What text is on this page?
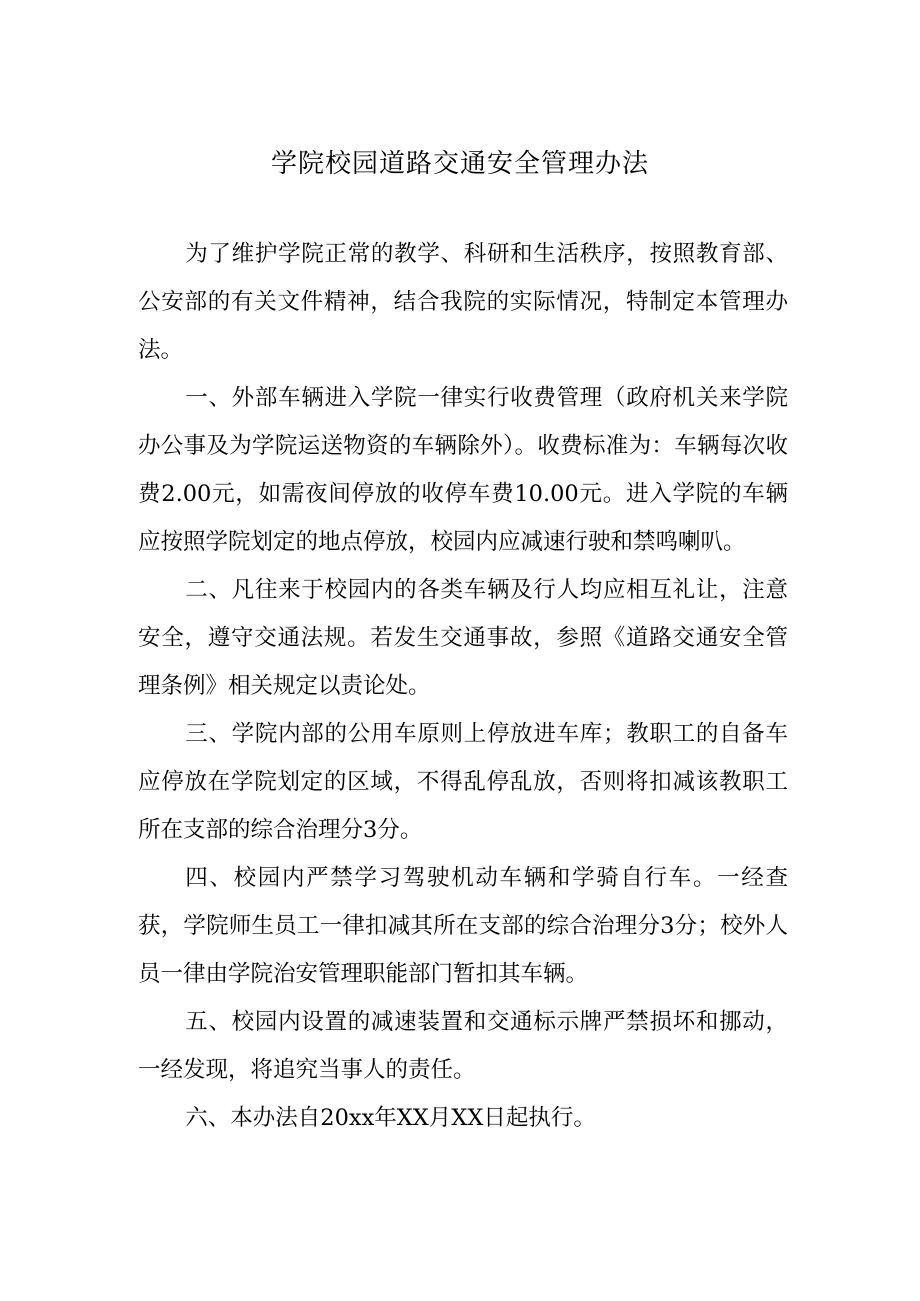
学院校园道路交通安全管理办法

为了维护学院正常的教学、科研和生活秩序，按照教育部、公安部的有关文件精神，结合我院的实际情况，特制定本管理办法。

一、外部车辆进入学院一律实行收费管理（政府机关来学院办公事及为学院运送物资的车辆除外）。收费标准为：车辆每次收费2.00元，如需夜间停放的收停车费10.00元。进入学院的车辆应按照学院划定的地点停放，校园内应减速行驶和禁鸣喇叭。

二、凡往来于校园内的各类车辆及行人均应相互礼让，注意安全，遵守交通法规。若发生交通事故，参照《道路交通安全管理条例》相关规定以责论处。

三、学院内部的公用车原则上停放进车库；教职工的自备车应停放在学院划定的区域，不得乱停乱放，否则将扣减该教职工所在支部的综合治理分3分。

四、校园内严禁学习驾驶机动车辆和学骑自行车。一经查获，学院师生员工一律扣减其所在支部的综合治理分3分；校外人员一律由学院治安管理职能部门暂扣其车辆。

五、校园内设置的减速装置和交通标示牌严禁损坏和挪动，一经发现，将追究当事人的责任。

六、本办法自20xx年XX月XX日起执行。
